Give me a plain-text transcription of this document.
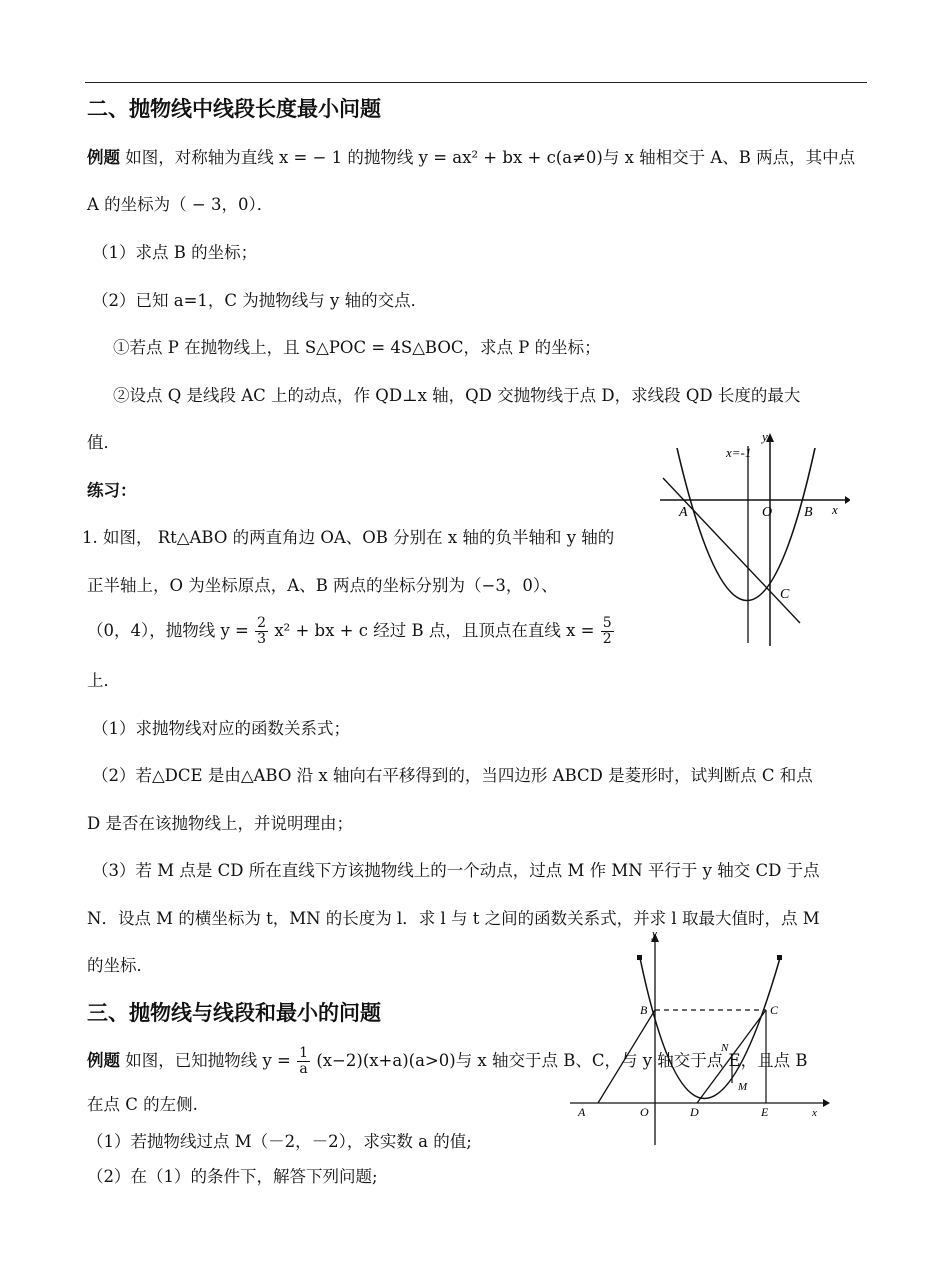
二、抛物线中线段长度最小问题
例题 如图，对称轴为直线 x = − 1 的抛物线 y = ax² + bx + c(a≠0)与 x 轴相交于 A、B 两点，其中点
A 的坐标为（ − 3，0）．
（1）求点 B 的坐标；
（2）已知 a=1，C 为抛物线与 y 轴的交点．
①若点 P 在抛物线上，且 S△POC = 4S△BOC，求点 P 的坐标；
②设点 Q 是线段 AC 上的动点，作 QD⊥x 轴，QD 交抛物线于点 D，求线段 QD 长度的最大
值．
练习：
1. 如图， Rt△ABO 的两直角边 OA、OB 分别在 x 轴的负半轴和 y 轴的
正半轴上，O 为坐标原点，A、B 两点的坐标分别为（−3，0）、
（0，4），抛物线 $y = \frac{2}{3} x^2$ + bx + c 经过 B 点，且顶点在直线 $x = \frac{5}{2}$
上．
（1）求抛物线对应的函数关系式；
（2）若△DCE 是由△ABO 沿 x 轴向右平移得到的，当四边形 ABCD 是菱形时，试判断点 C 和点
D 是否在该抛物线上，并说明理由；
（3）若 M 点是 CD 所在直线下方该抛物线上的一个动点，过点 M 作 MN 平行于 y 轴交 CD 于点
N．设点 M 的横坐标为 t，MN 的长度为 l．求 l 与 t 之间的函数关系式，并求 l 取最大值时，点 M
的坐标．
三、抛物线与线段和最小的问题
例题 如图，已知抛物线 $y = \frac{1}{a} (x-2)(x+a)(a>0)$与 x 轴交于点 B、C，与 y 轴交于点 E，且点 B
在点 C 的左侧.
（1）若抛物线过点 M（－2，－2），求实数 a 的值;
（2）在（1）的条件下，解答下列问题;
x=-1
y
x
A	O B
C
y
x
B	C
N
M
A	O	D	E
